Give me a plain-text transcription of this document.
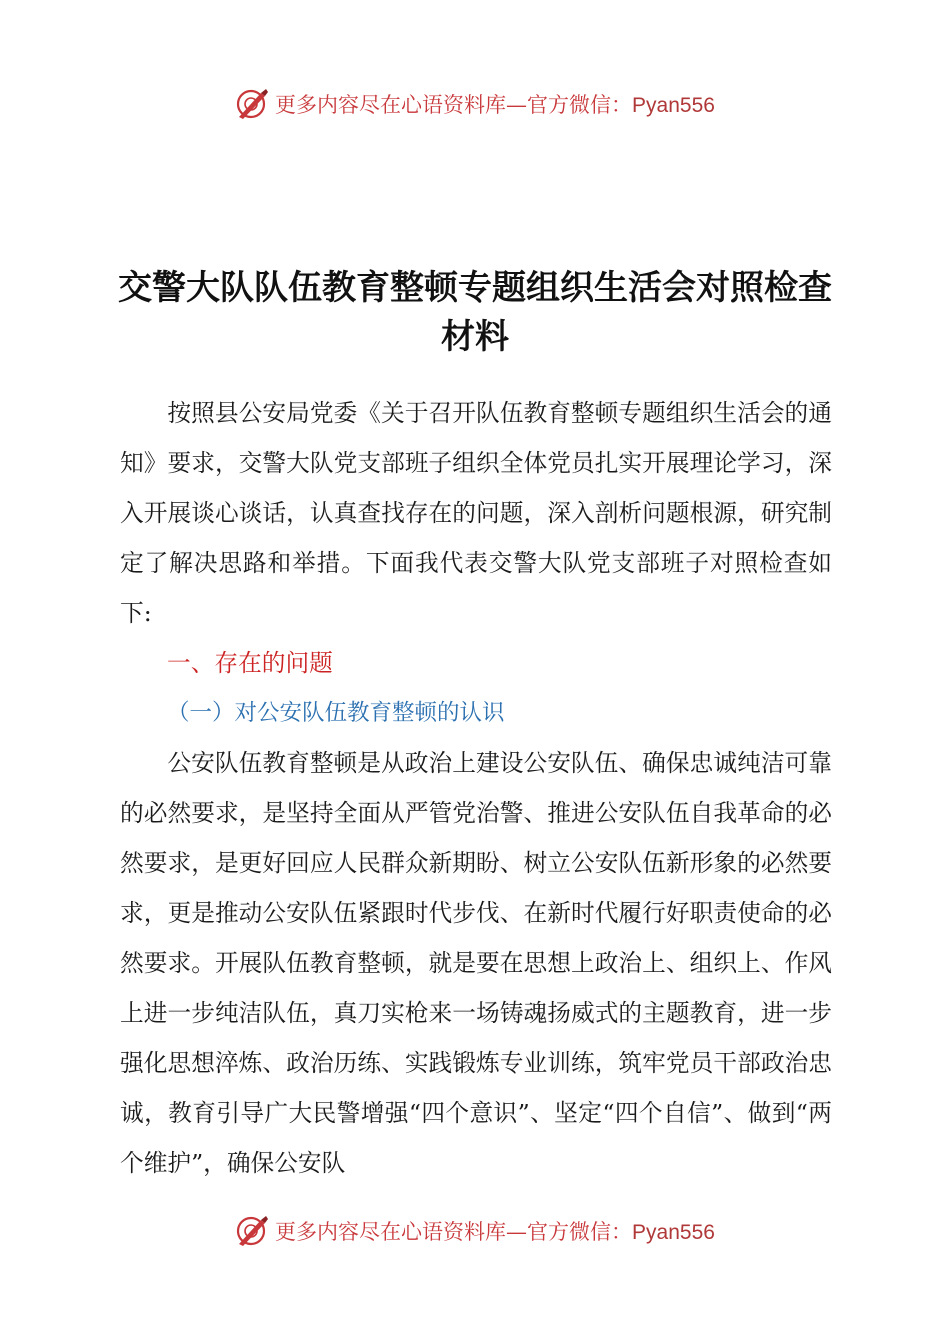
更多内容尽在心语资料库—官方微信：Pyan556
交警大队队伍教育整顿专题组织生活会对照检查材料

按照县公安局党委《关于召开队伍教育整顿专题组织生活会的通知》要求，交警大队党支部班子组织全体党员扎实开展理论学习，深入开展谈心谈话，认真查找存在的问题，深入剖析问题根源，研究制定了解决思路和举措。下面我代表交警大队党支部班子对照检查如下:

一、存在的问题

（一）对公安队伍教育整顿的认识

公安队伍教育整顿是从政治上建设公安队伍、确保忠诚纯洁可靠的必然要求，是坚持全面从严管党治警、推进公安队伍自我革命的必然要求，是更好回应人民群众新期盼、树立公安队伍新形象的必然要求，更是推动公安队伍紧跟时代步伐、在新时代履行好职责使命的必然要求。开展队伍教育整顿，就是要在思想上政治上、组织上、作风上进一步纯洁队伍，真刀实枪来一场铸魂扬威式的主题教育，进一步强化思想淬炼、政治历练、实践锻炼专业训练，筑牢党员干部政治忠诚，教育引导广大民警增强“四个意识”、坚定“四个自信”、做到“两个维护”，确保公安队

更多内容尽在心语资料库—官方微信：Pyan556
